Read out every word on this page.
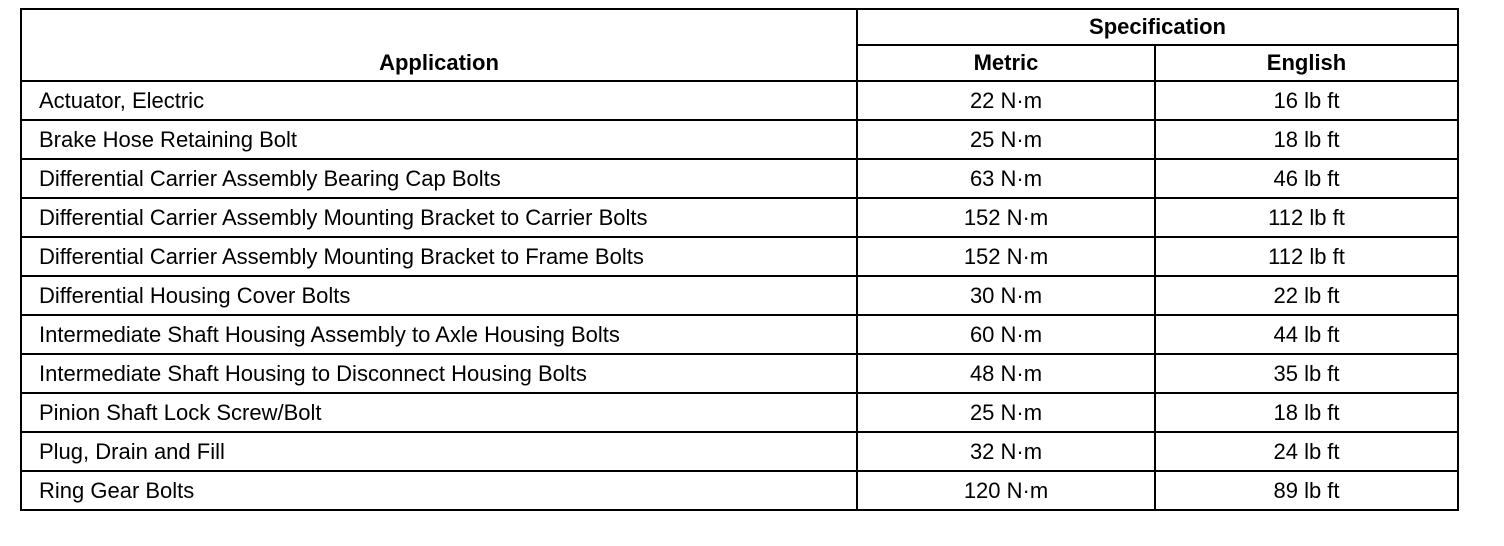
Application	Specification	
	Metric	English
Actuator, Electric	22 N·m	16 lb ft
Brake Hose Retaining Bolt	25 N·m	18 lb ft
Differential Carrier Assembly Bearing Cap Bolts	63 N·m	46 lb ft
Differential Carrier Assembly Mounting Bracket to Carrier Bolts	152 N·m	112 lb ft
Differential Carrier Assembly Mounting Bracket to Frame Bolts	152 N·m	112 lb ft
Differential Housing Cover Bolts	30 N·m	22 lb ft
Intermediate Shaft Housing Assembly to Axle Housing Bolts	60 N·m	44 lb ft
Intermediate Shaft Housing to Disconnect Housing Bolts	48 N·m	35 lb ft
Pinion Shaft Lock Screw/Bolt	25 N·m	18 lb ft
Plug, Drain and Fill	32 N·m	24 lb ft
Ring Gear Bolts	120 N·m	89 lb ft
